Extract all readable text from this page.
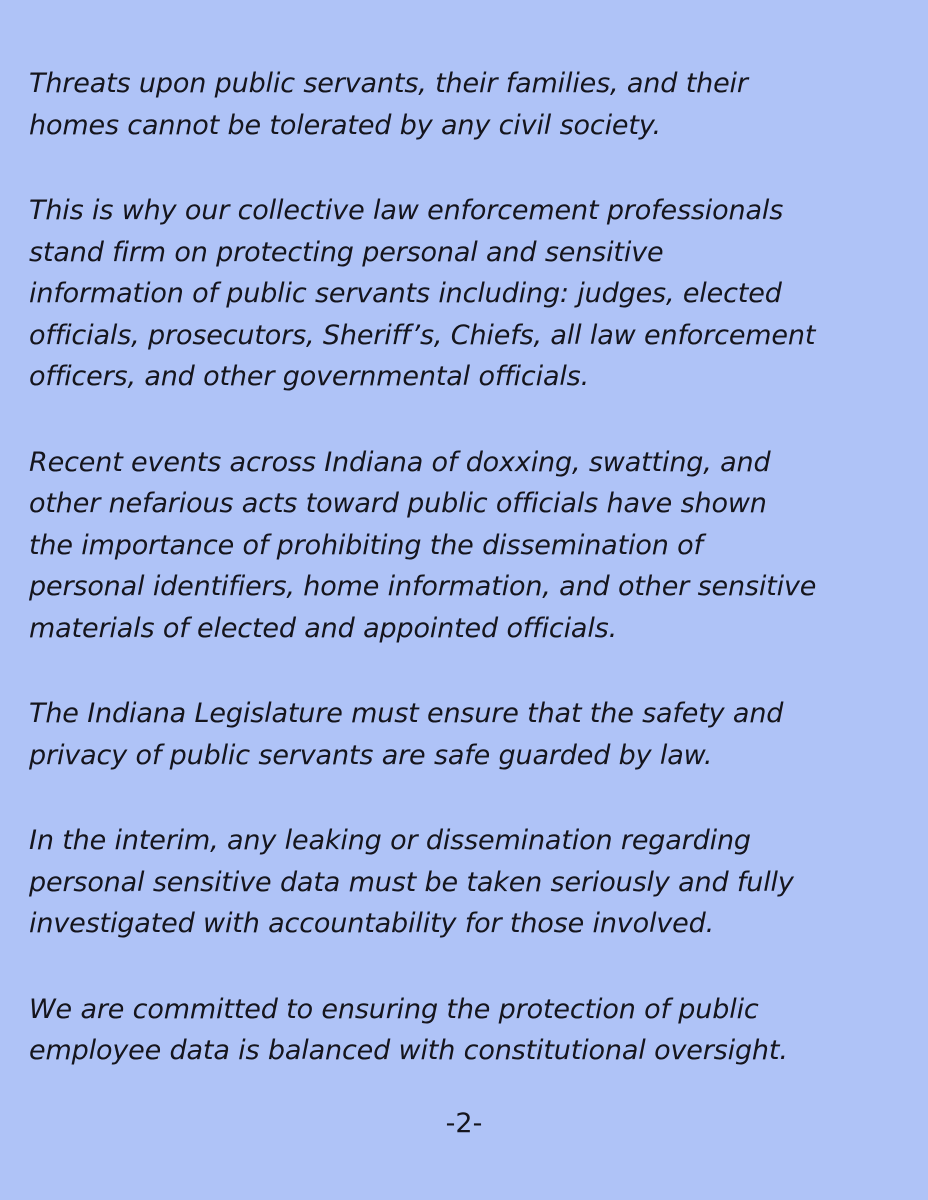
Threats upon public servants, their families, and their
homes cannot be tolerated by any civil society.
This is why our collective law enforcement professionals
stand firm on protecting personal and sensitive
information of public servants including: judges, elected
officials, prosecutors, Sheriff’s, Chiefs, all law enforcement
officers, and other governmental officials.
Recent events across Indiana of doxxing, swatting, and
other nefarious acts toward public officials have shown
the importance of prohibiting the dissemination of
personal identifiers, home information, and other sensitive
materials of elected and appointed officials.
The Indiana Legislature must ensure that the safety and
privacy of public servants are safe guarded by law.
In the interim, any leaking or dissemination regarding
personal sensitive data must be taken seriously and fully
investigated with accountability for those involved.
We are committed to ensuring the protection of public
employee data is balanced with constitutional oversight.
-2-
